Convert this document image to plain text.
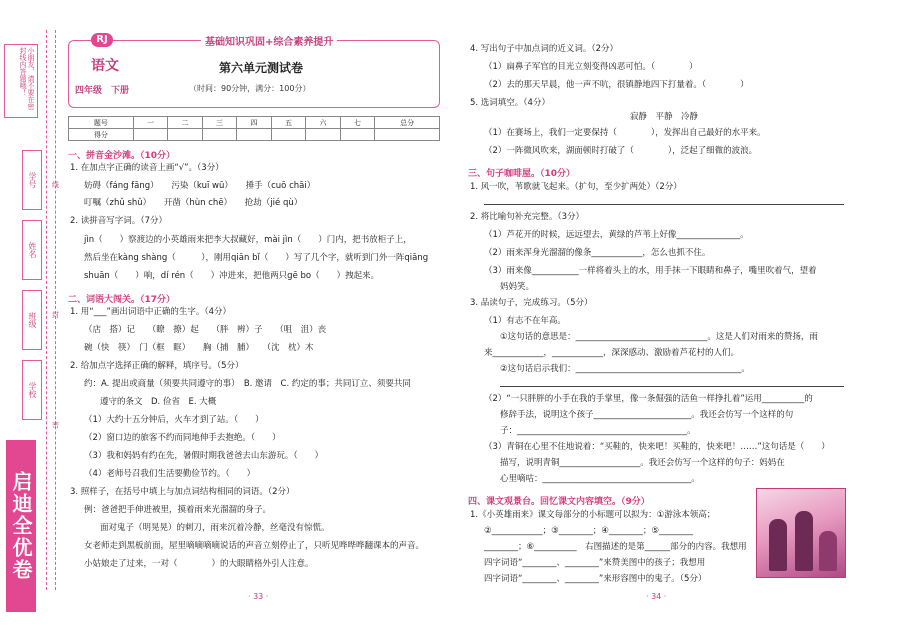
小朋友，请不要在密封线内答题哦！
学号
姓名
班级
学校
线
封
密
启迪全优卷
RJ	基础知识巩固+综合素养提升
语文
四年级　下册
第六单元测试卷
（时间：90分钟，满分：100分）
题号	一	二	三	四	五	六	七	总分
得分								
一、拼音金沙滩。（10分）
1. 在加点字正确的读音上画“√”。（3分）
妨碍（fáng fāng）　　污染（kuī wū）　　捶手（cuō chāi）
叮嘱（zhǔ shǔ）　　开凿（hùn chē）　　抢劫（jié qù）
2. 读拼音写字词。（7分）
jìn（　　）察渡边的小英雄雨来把李大叔藏好，mài jìn（　　）门内，把书放柜子上，
然后坐在kàng shàng（　　　），刚用qiān bǐ（　　）写了几个字，就听到门外一阵qiāng
shuān（　　）响，dí rén（　　）冲进来，把他两只gē bo（　　）拽起来。
二、词语大闯关。（17分）
1. 用“___”画出词语中正确的生字。（4分）
（店　搭）记　　（瞭　撩）起　　（胖　辨）子　　（咀　沮）丧
碗（快　筷）　门（框　眶）　　胸（捕　脯）　　（沈　枕）木
2. 给加点字选择正确的解释，填序号。（5分）
约：A. 提出或商量（须要共同遵守的事）　B. 邀请　C. 约定的事；共同订立、须要共同
遵守的条文　D. 俭省　E. 大概
（1）大约十五分钟后，火车才到了站。（　　）
（2）窗口边的旅客不约而同地伸手去抱绝。（　　）
（3）我和妈妈有约在先，暑假时期我爸爸去山东游玩。（　　）
（4）老师号召我们生活要勤俭节约。（　　）
3. 照样子，在括号中填上与加点词结构相同的词语。（2分）
例：爸爸把手伸进被里，摸着雨来光溜溜的身子。
面对鬼子（明晃晃）的刺刀，雨来沉着冷静，丝毫没有惊慌。
女老师走到黑板前面，屋里嘀嘀嘀嘀说话的声音立刻停止了，只听见哗哗哗翻课本的声音。
小姑娘走了过来，一对（　　　　）的大眼睛格外引人注意。
· 33 ·
4. 写出句子中加点词的近义词。（2分）
（1）扁鼻子军官的目光立刻变得凶恶可怕。（　　　　）
（2）去的那天早晨，他一声不吭，很镇静地四下打量着。（　　　　）
5. 选词填空。（4分）
寂静　平静　冷静
（1）在赛场上，我们一定要保持（　　　　），发挥出自己最好的水平来。
（2）一阵微风吹来，湖面顿时打破了（　　　　），泛起了细微的波浪。
三、句子咖啡屋。（10分）
1. 风一吹，苇歌就飞起来。（扩句，至少扩两处）（2分）
2. 将比喻句补充完整。（3分）
（1）芦花开的时候，远远望去，黄绿的芦苇上好像_______________。
（2）雨来浑身光溜溜的像条____________，怎么也抓不住。
（3）雨来像___________一样将着头上的水，用手抹一下眼睛和鼻子，嘴里吹着气，望着
妈妈笑。
3. 品读句子，完成练习。（5分）
（1）有志不在年高。
①这句话的意思是：_______________________________。这是人们对雨来的赞扬，雨
来____________，____________，深深感动、激励着芦花村的人们。
②这句话启示我们：_______________________________________。
（2）“一只胖胖的小手在我的手掌里，像一条倔强的活鱼一样挣扎着”运用__________的
修辞手法，说明这个孩子_______________________。我还会仿写一个这样的句
子：________________________________________。
（3）青铜在心里不住地说着：“买鞋的，快来吧！买鞋的，快来吧！……”这句话是（　　）
描写，说明青铜___________________。我还会仿写一个这样的句子：妈妈在
心里嘀咕：___________________________________。
四、课文观景台。回忆课文内容填空。（9分）
1.《小英雄雨来》课文每部分的小标题可以拟为：①游泳本领高；
②____________；③________；④________；⑤________
________；⑥__________　右图描述的是第______部分的内容。我想用
四字词语“________、________”来赞美图中的孩子；我想用
四字词语“________、________”来形容图中的鬼子。（5分）
· 34 ·
